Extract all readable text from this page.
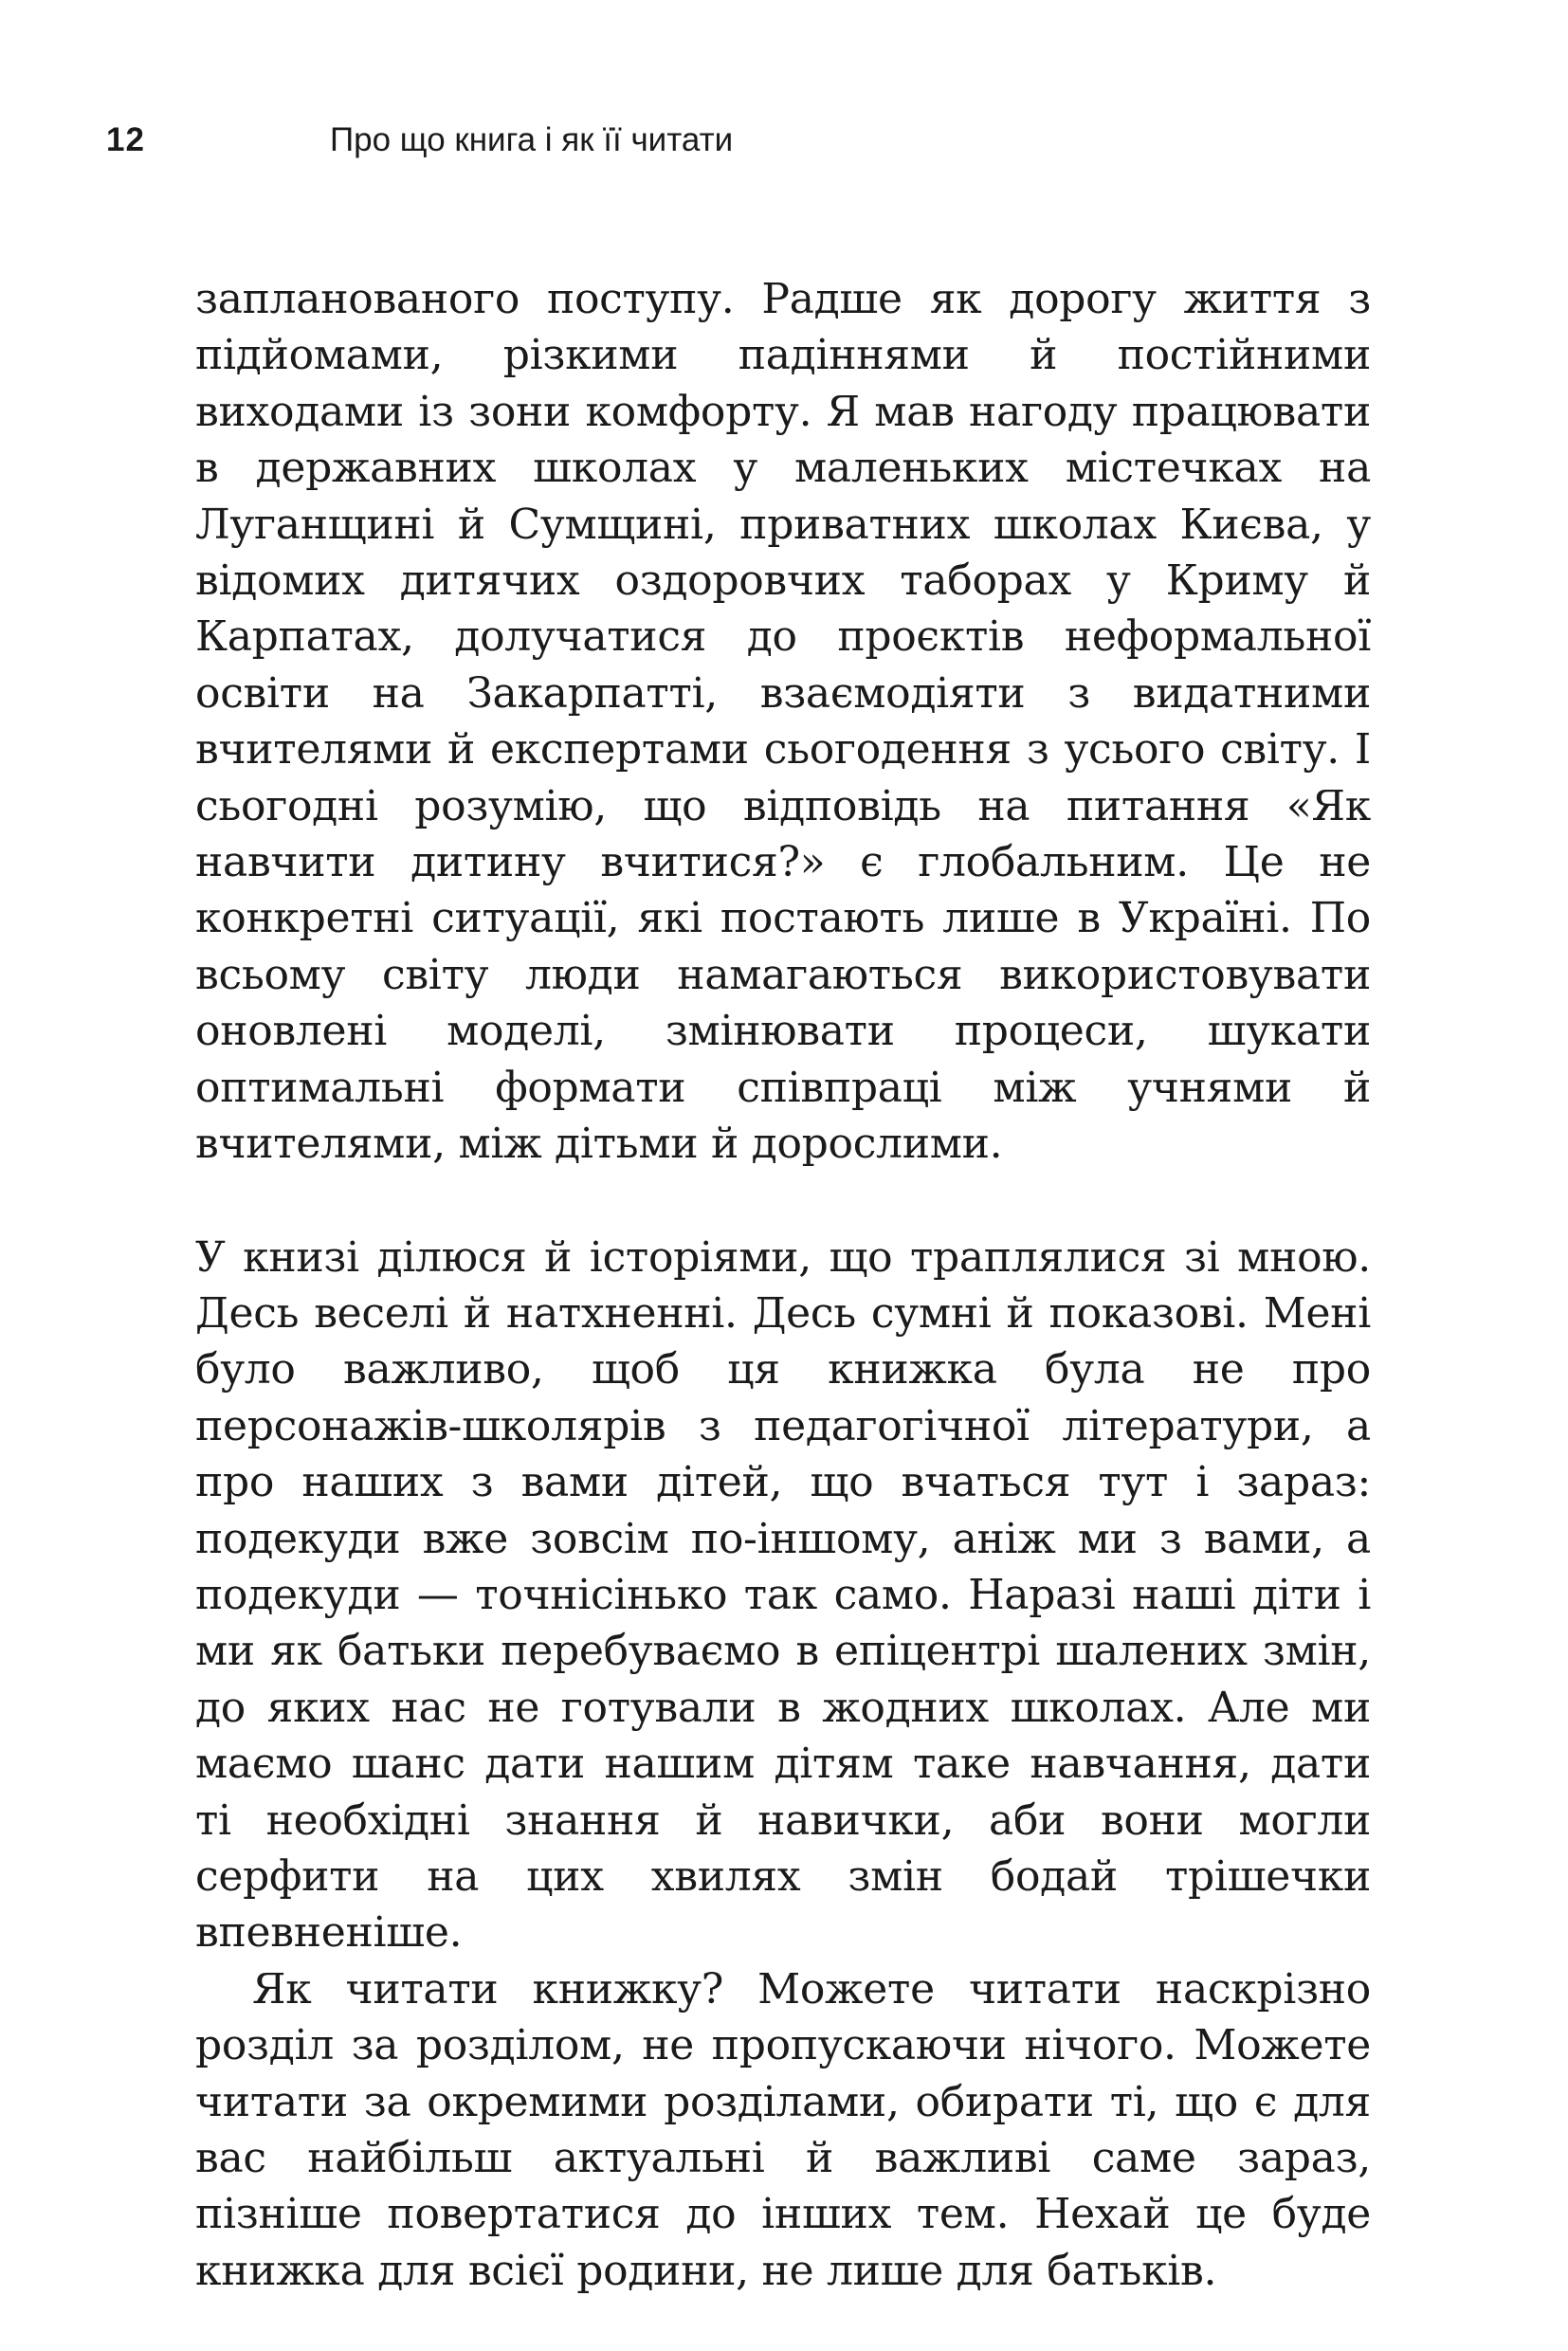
12	Про що книга і як її читати

запланованого поступу. Радше як дорогу життя з підйомами, різкими падіннями й постійними виходами із зони комфорту. Я мав нагоду працювати в державних школах у маленьких містечках на Луганщині й Сумщині, приватних школах Києва, у відомих дитячих оздоровчих таборах у Криму й Карпатах, долучатися до проєктів неформальної освіти на Закарпатті, взаємодіяти з видатними вчителями й експертами сьогодення з усього світу. І сьогодні розумію, що відповідь на питання «Як навчити дитину вчитися?» є глобальним. Це не конкретні ситуації, які постають лише в Україні. По всьому світу люди намагаються використовувати оновлені моделі, змінювати процеси, шукати оптимальні формати співпраці між учнями й вчителями, між дітьми й дорослими.

У книзі ділюся й історіями, що траплялися зі мною. Десь веселі й натхненні. Десь сумні й показові. Мені було важливо, щоб ця книжка була не про персонажів-школярів з педагогічної літератури, а про наших з вами дітей, що вчаться тут і зараз: подекуди вже зовсім по-іншому, аніж ми з вами, а подекуди — точнісінько так само. Наразі наші діти і ми як батьки перебуваємо в епіцентрі шалених змін, до яких нас не готували в жодних школах. Але ми маємо шанс дати нашим дітям таке навчання, дати ті необхідні знання й навички, аби вони могли серфити на цих хвилях змін бодай трішечки впевненіше.

Як читати книжку? Можете читати наскрізно розділ за розділом, не пропускаючи нічого. Можете читати за окремими розділами, обирати ті, що є для вас найбільш актуальні й важливі саме зараз, пізніше повертатися до інших тем. Нехай це буде книжка для всієї родини, не лише для батьків.
